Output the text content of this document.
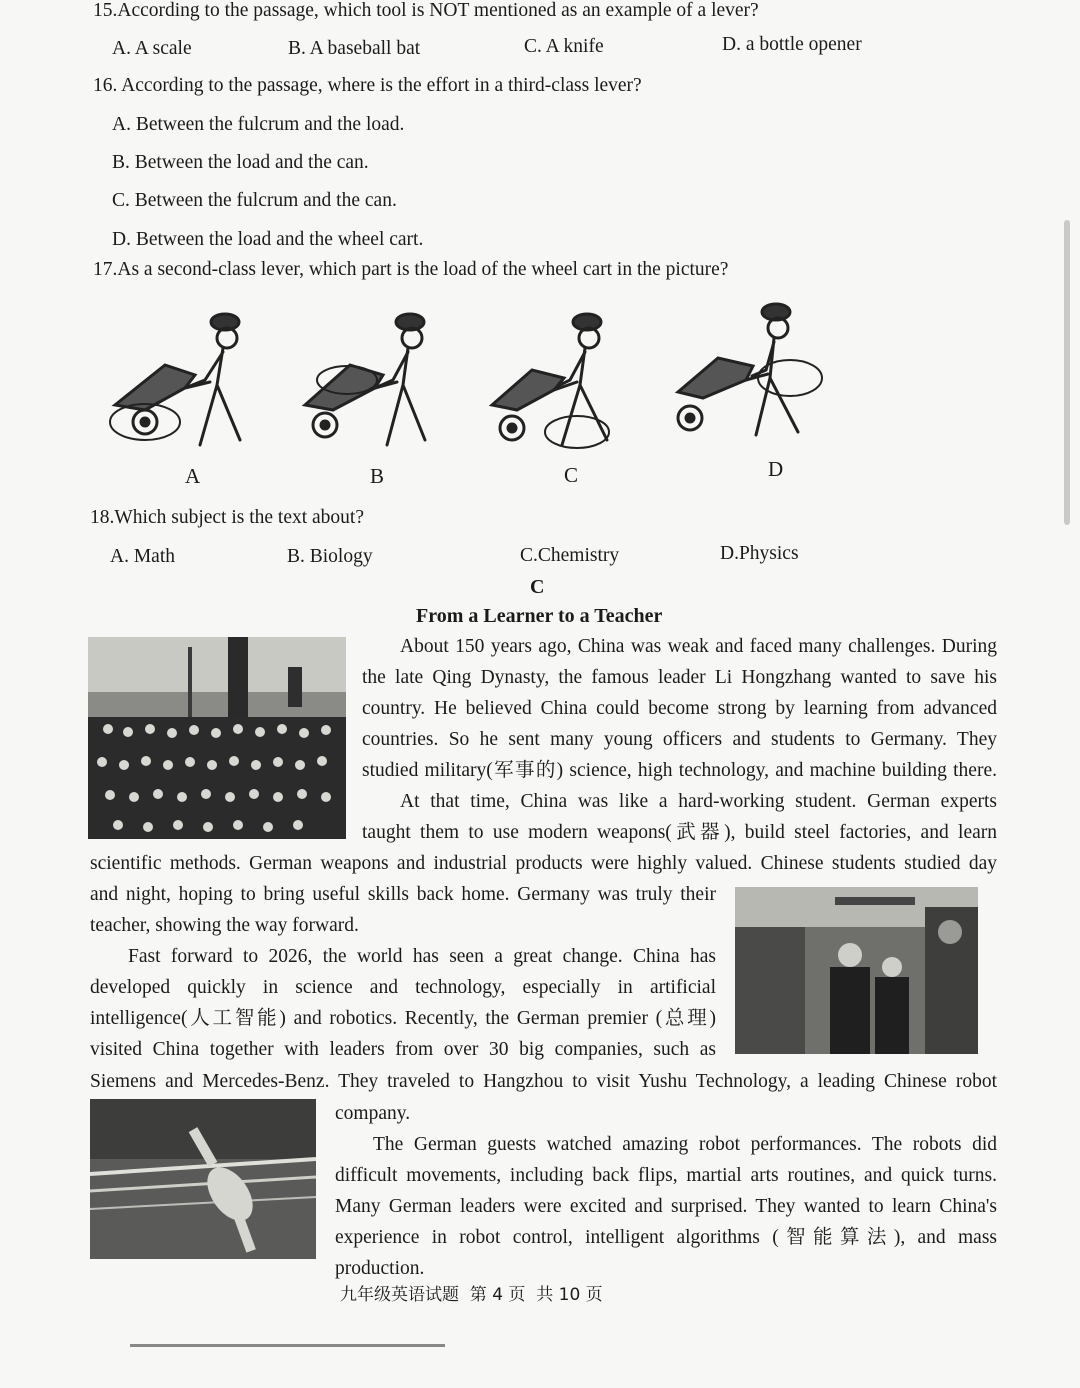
15.According to the passage, which tool is NOT mentioned as an example of a lever?
A. A scale	B. A baseball bat	C. A knife	D. a bottle opener
16. According to the passage, where is the effort in a third-class lever?
A. Between the fulcrum and the load.
B. Between the load and the can.
C. Between the fulcrum and the can.
D. Between the load and the wheel cart.
17.As a second-class lever, which part is the load of the wheel cart in the picture?
A	B	C	D
18.Which subject is the text about?
A. Math	B. Biology	C.Chemistry	D.Physics
C
From a Learner to a Teacher
About 150 years ago, China was weak and faced many challenges. During
the late Qing Dynasty, the famous leader Li Hongzhang wanted to save his
country. He believed China could become strong by learning from advanced
countries. So he sent many young officers and students to Germany. They
studied military(军事的) science, high technology, and machine building there.
At that time, China was like a hard-working student. German experts
taught them to use modern weapons(武器), build steel factories, and learn
scientific methods. German weapons and industrial products were highly valued. Chinese students studied day
and night, hoping to bring useful skills back home. Germany was truly their
teacher, showing the way forward.
Fast forward to 2026, the world has seen a great change. China has
developed quickly in science and technology, especially in artificial
intelligence(人工智能) and robotics. Recently, the German premier (总理)
visited China together with leaders from over 30 big companies, such as
Siemens and Mercedes-Benz. They traveled to Hangzhou to visit Yushu Technology, a leading Chinese robot
company.
The German guests watched amazing robot performances. The robots did
difficult movements, including back flips, martial arts routines, and quick turns.
Many German leaders were excited and surprised. They wanted to learn China's
experience in robot control, intelligent algorithms (智能算法), and mass
production.
九年级英语试题  第 4 页  共 10 页
